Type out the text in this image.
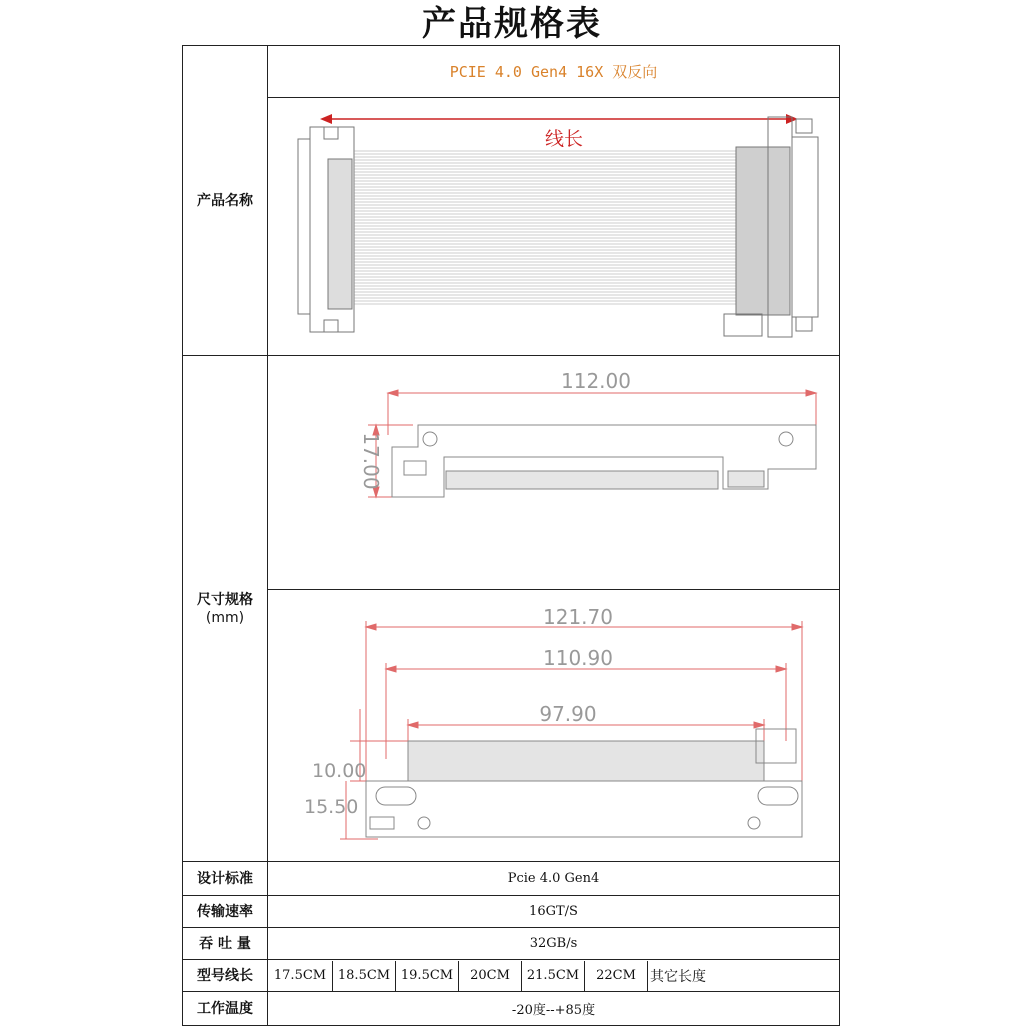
产品规格表
产品名称	PCIE 4.0 Gen4 16X 双反向

线长

尺寸规格
(mm)

112.00
17.00

121.70
110.90
97.90
10.00
15.50

设计标准	Pcie 4.0 Gen4
传输速率	16GT/S
吞 吐 量	32GB/s
型号线长	17.5CM	18.5CM	19.5CM	20CM	21.5CM	22CM	其它长度

工作温度	-20度--+85度
